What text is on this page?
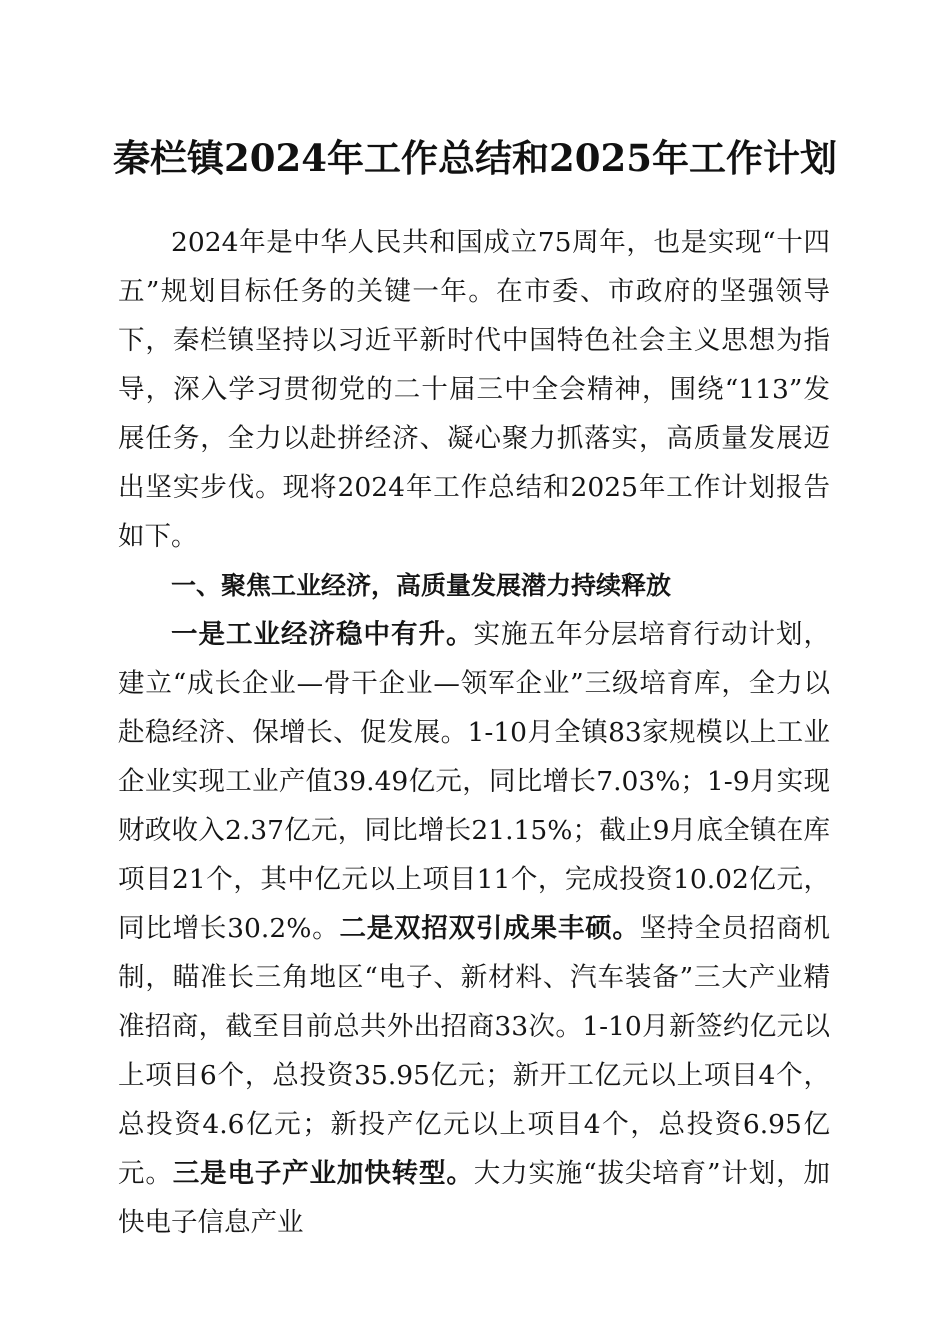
秦栏镇2024年工作总结和2025年工作计划

2024年是中华人民共和国成立75周年，也是实现“十四五”规划目标任务的关键一年。在市委、市政府的坚强领导下，秦栏镇坚持以习近平新时代中国特色社会主义思想为指导，深入学习贯彻党的二十届三中全会精神，围绕“113”发展任务，全力以赴拼经济、凝心聚力抓落实，高质量发展迈出坚实步伐。现将2024年工作总结和2025年工作计划报告如下。

一、聚焦工业经济，高质量发展潜力持续释放

一是工业经济稳中有升。实施五年分层培育行动计划，建立“成长企业—骨干企业—领军企业”三级培育库，全力以赴稳经济、保增长、促发展。1-10月全镇83家规模以上工业企业实现工业产值39.49亿元，同比增长7.03%；1-9月实现财政收入2.37亿元，同比增长21.15%；截止9月底全镇在库项目21个，其中亿元以上项目11个，完成投资10.02亿元，同比增长30.2%。二是双招双引成果丰硕。坚持全员招商机制，瞄准长三角地区“电子、新材料、汽车装备”三大产业精准招商，截至目前总共外出招商33次。1-10月新签约亿元以上项目6个，总投资35.95亿元；新开工亿元以上项目4个，总投资4.6亿元；新投产亿元以上项目4个，总投资6.95亿元。三是电子产业加快转型。大力实施“拔尖培育”计划，加快电子信息产业
